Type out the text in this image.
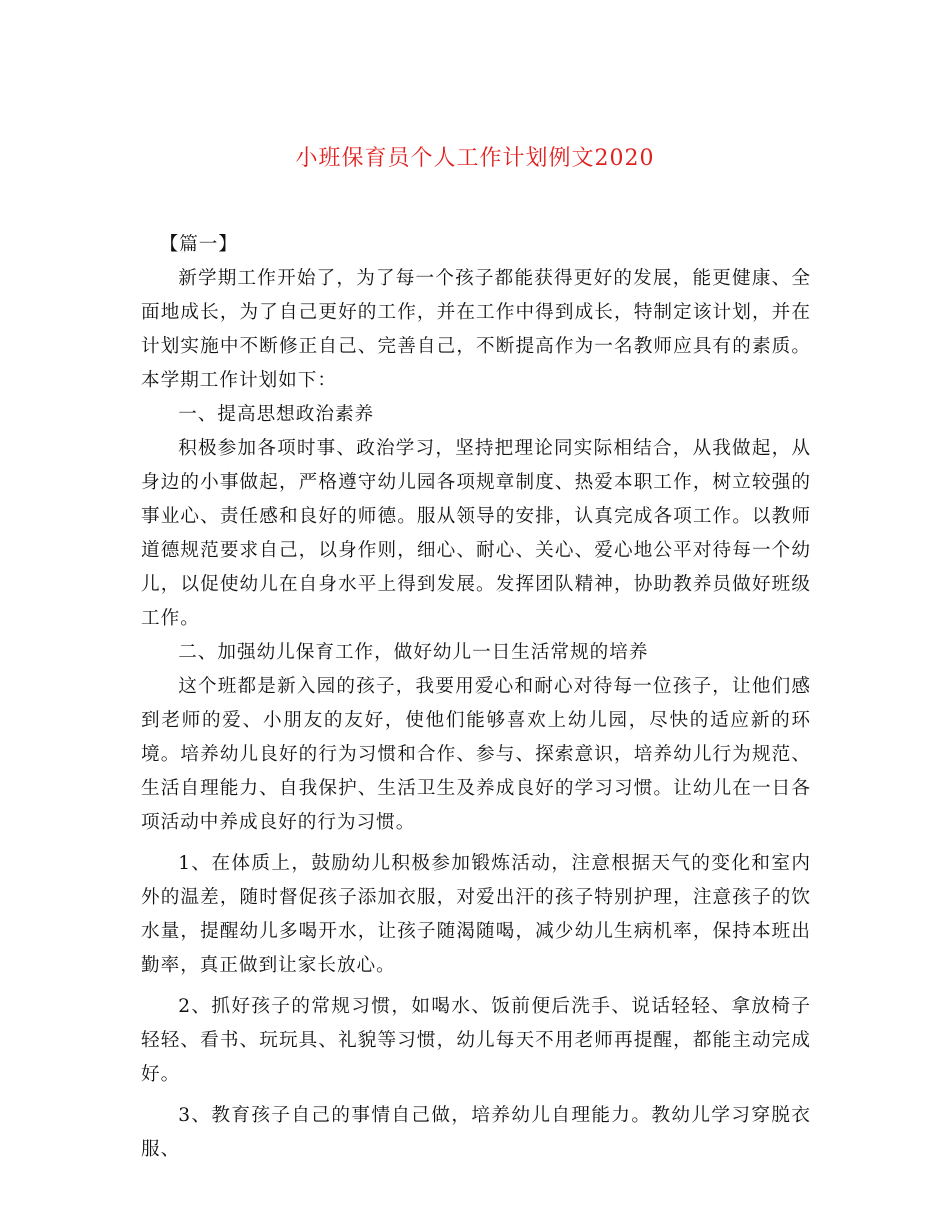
小班保育员个人工作计划例文2020

【篇一】

新学期工作开始了，为了每一个孩子都能获得更好的发展，能更健康、全面地成长，为了自己更好的工作，并在工作中得到成长，特制定该计划，并在计划实施中不断修正自己、完善自己，不断提高作为一名教师应具有的素质。本学期工作计划如下：

一、提高思想政治素养

积极参加各项时事、政治学习，坚持把理论同实际相结合，从我做起，从身边的小事做起，严格遵守幼儿园各项规章制度、热爱本职工作，树立较强的事业心、责任感和良好的师德。服从领导的安排，认真完成各项工作。以教师道德规范要求自己，以身作则，细心、耐心、关心、爱心地公平对待每一个幼儿，以促使幼儿在自身水平上得到发展。发挥团队精神，协助教养员做好班级工作。

二、加强幼儿保育工作，做好幼儿一日生活常规的培养

这个班都是新入园的孩子，我要用爱心和耐心对待每一位孩子，让他们感到老师的爱、小朋友的友好，使他们能够喜欢上幼儿园，尽快的适应新的环境。培养幼儿良好的行为习惯和合作、参与、探索意识，培养幼儿行为规范、生活自理能力、自我保护、生活卫生及养成良好的学习习惯。让幼儿在一日各项活动中养成良好的行为习惯。

1、在体质上，鼓励幼儿积极参加锻炼活动，注意根据天气的变化和室内外的温差，随时督促孩子添加衣服，对爱出汗的孩子特别护理，注意孩子的饮水量，提醒幼儿多喝开水，让孩子随渴随喝，减少幼儿生病机率，保持本班出勤率，真正做到让家长放心。

2、抓好孩子的常规习惯，如喝水、饭前便后洗手、说话轻轻、拿放椅子轻轻、看书、玩玩具、礼貌等习惯，幼儿每天不用老师再提醒，都能主动完成好。

3、教育孩子自己的事情自己做，培养幼儿自理能力。教幼儿学习穿脱衣服、
